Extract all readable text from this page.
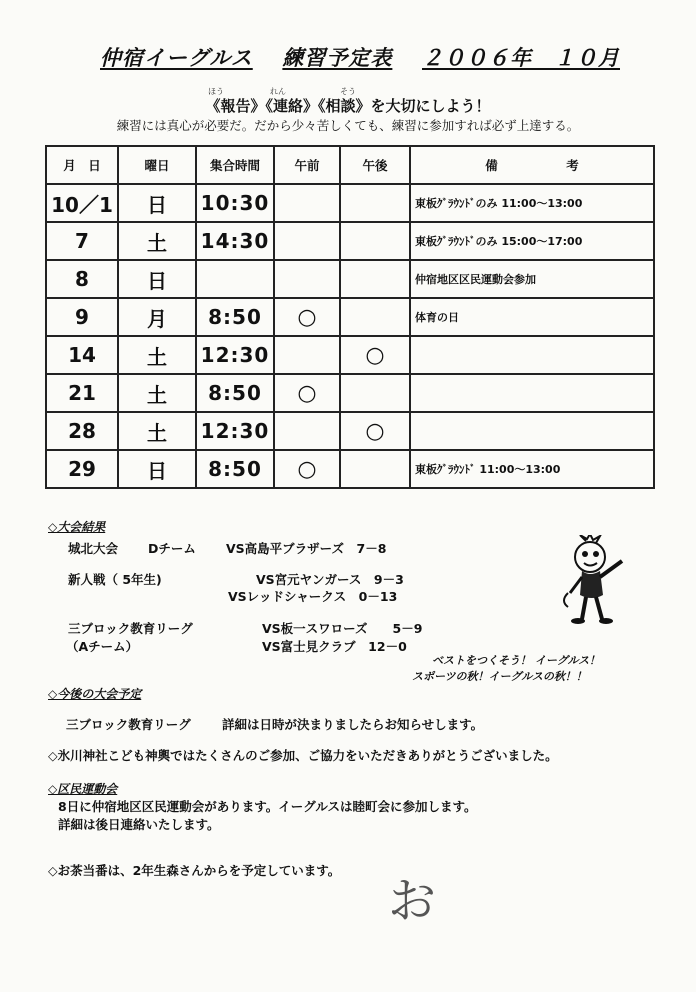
仲宿イーグルス 練習予定表 ２００６年　１０月
ほう	れん	そう
《報告》《連絡》《相談》を大切にしよう！
練習には真心が必要だ。だから少々苦しくても、練習に参加すれば必ず上達する。
月　日	曜日	集合時間	午前	午後	備 考

10／1	日	10:30			東板ｸﾞﾗｳﾝﾄﾞのみ 11:00～13:00
7	土	14:30			東板ｸﾞﾗｳﾝﾄﾞのみ 15:00～17:00
8	日				仲宿地区区民運動会参加
9	月	8:50	○		体育の日
14	土	12:30		○	
21	土	8:50	○		
28	土	12:30		○	
29	日	8:50	○		東板ｸﾞﾗｳﾝﾄﾞ 11:00～13:00
◇大会結果
城北大会 Dチーム VS高島平ブラザーズ　7－8
新人戦（ 5年生)	VS宮元ヤンガース　9－3
VSレッドシャークス　0－13
三ブロック教育リーグ	VS板一スワローズ　　5－9
（Aチーム）	VS富士見クラブ　12－0
ベストをつくそう！ イーグルス！
スポーツの秋！イーグルスの秋！！
◇今後の大会予定
三ブロック教育リーグ 詳細は日時が決まりましたらお知らせします。
◇氷川神社こども神輿ではたくさんのご参加、ご協力をいただきありがとうございました。
◇区民運動会
8日に仲宿地区区民運動会があります。イーグルスは睦町会に参加します。
詳細は後日連絡いたします。
◇お茶当番は、2年生森さんからを予定しています。
お
